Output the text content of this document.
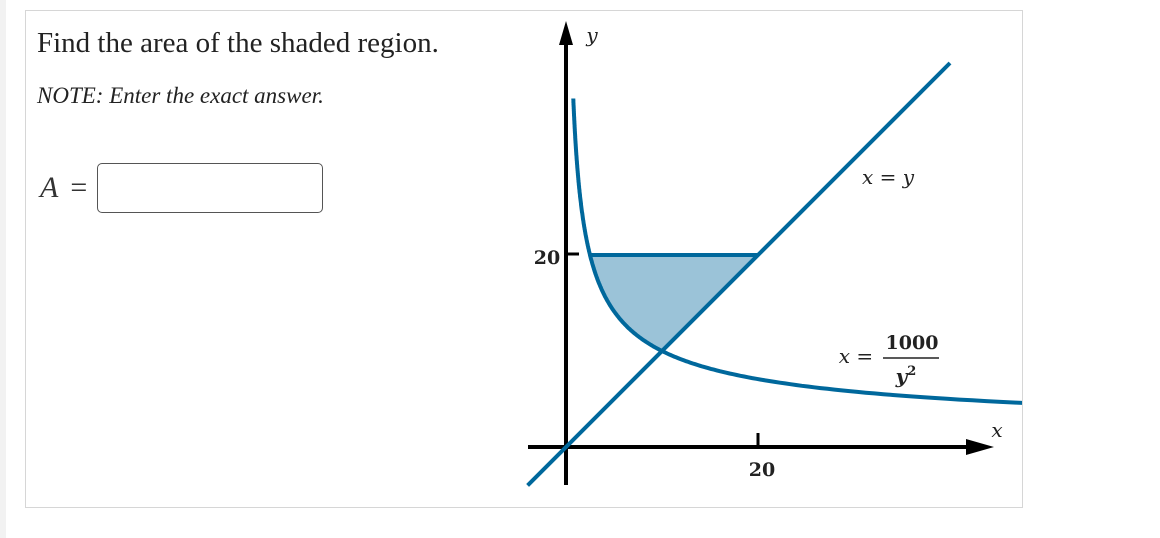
Find the area of the shaded region.
NOTE: Enter the exact answer.
A =
y
x
20
20
x = y
x =
1000
$y^2$
